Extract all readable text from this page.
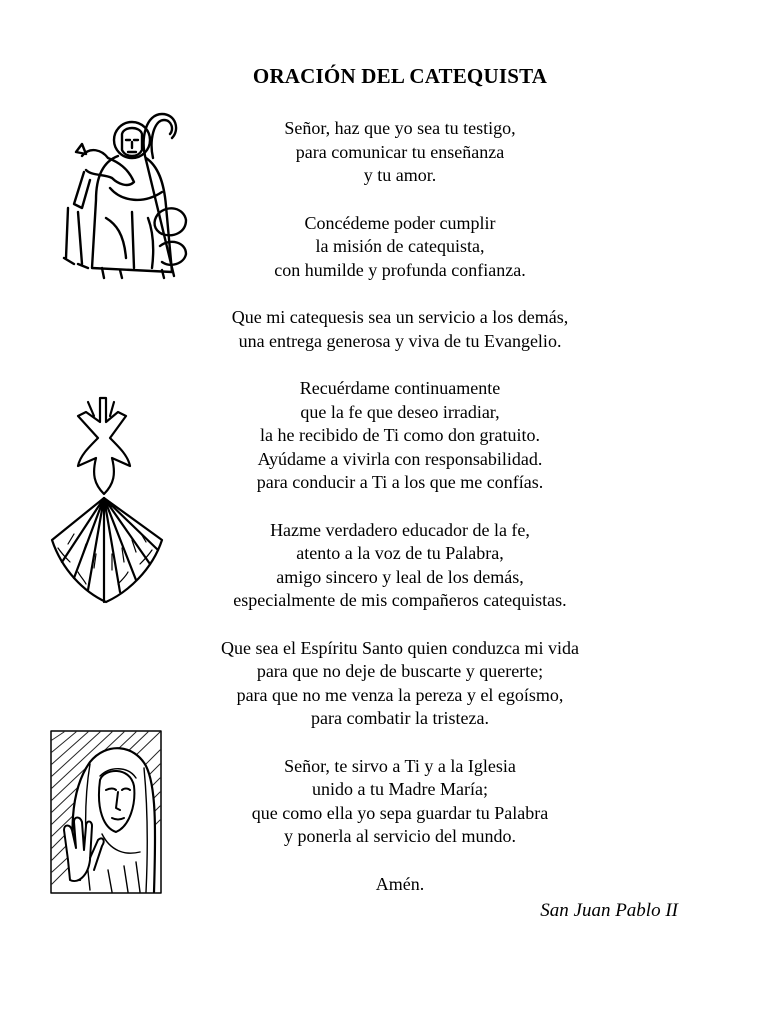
ORACIÓN DEL CATEQUISTA
Señor, haz que yo sea tu testigo,
para comunicar tu enseñanza
y tu amor.
Concédeme poder cumplir
la misión de catequista,
con humilde y profunda confianza.
Que mi catequesis sea un servicio a los demás,
una entrega generosa y viva de tu Evangelio.
Recuérdame continuamente
que la fe que deseo irradiar,
la he recibido de Ti como don gratuito.
Ayúdame a vivirla con responsabilidad.
para conducir a Ti a los que me confías.
Hazme verdadero educador de la fe,
atento a la voz de tu Palabra,
amigo sincero y leal de los demás,
especialmente de mis compañeros catequistas.
Que sea el Espíritu Santo quien conduzca mi vida
para que no deje de buscarte y quererte;
para que no me venza la pereza y el egoísmo,
para combatir la tristeza.
Señor, te sirvo a Ti y a la Iglesia
unido a tu Madre María;
que como ella yo sepa guardar tu Palabra
y ponerla al servicio del mundo.
Amén.
San Juan Pablo II
